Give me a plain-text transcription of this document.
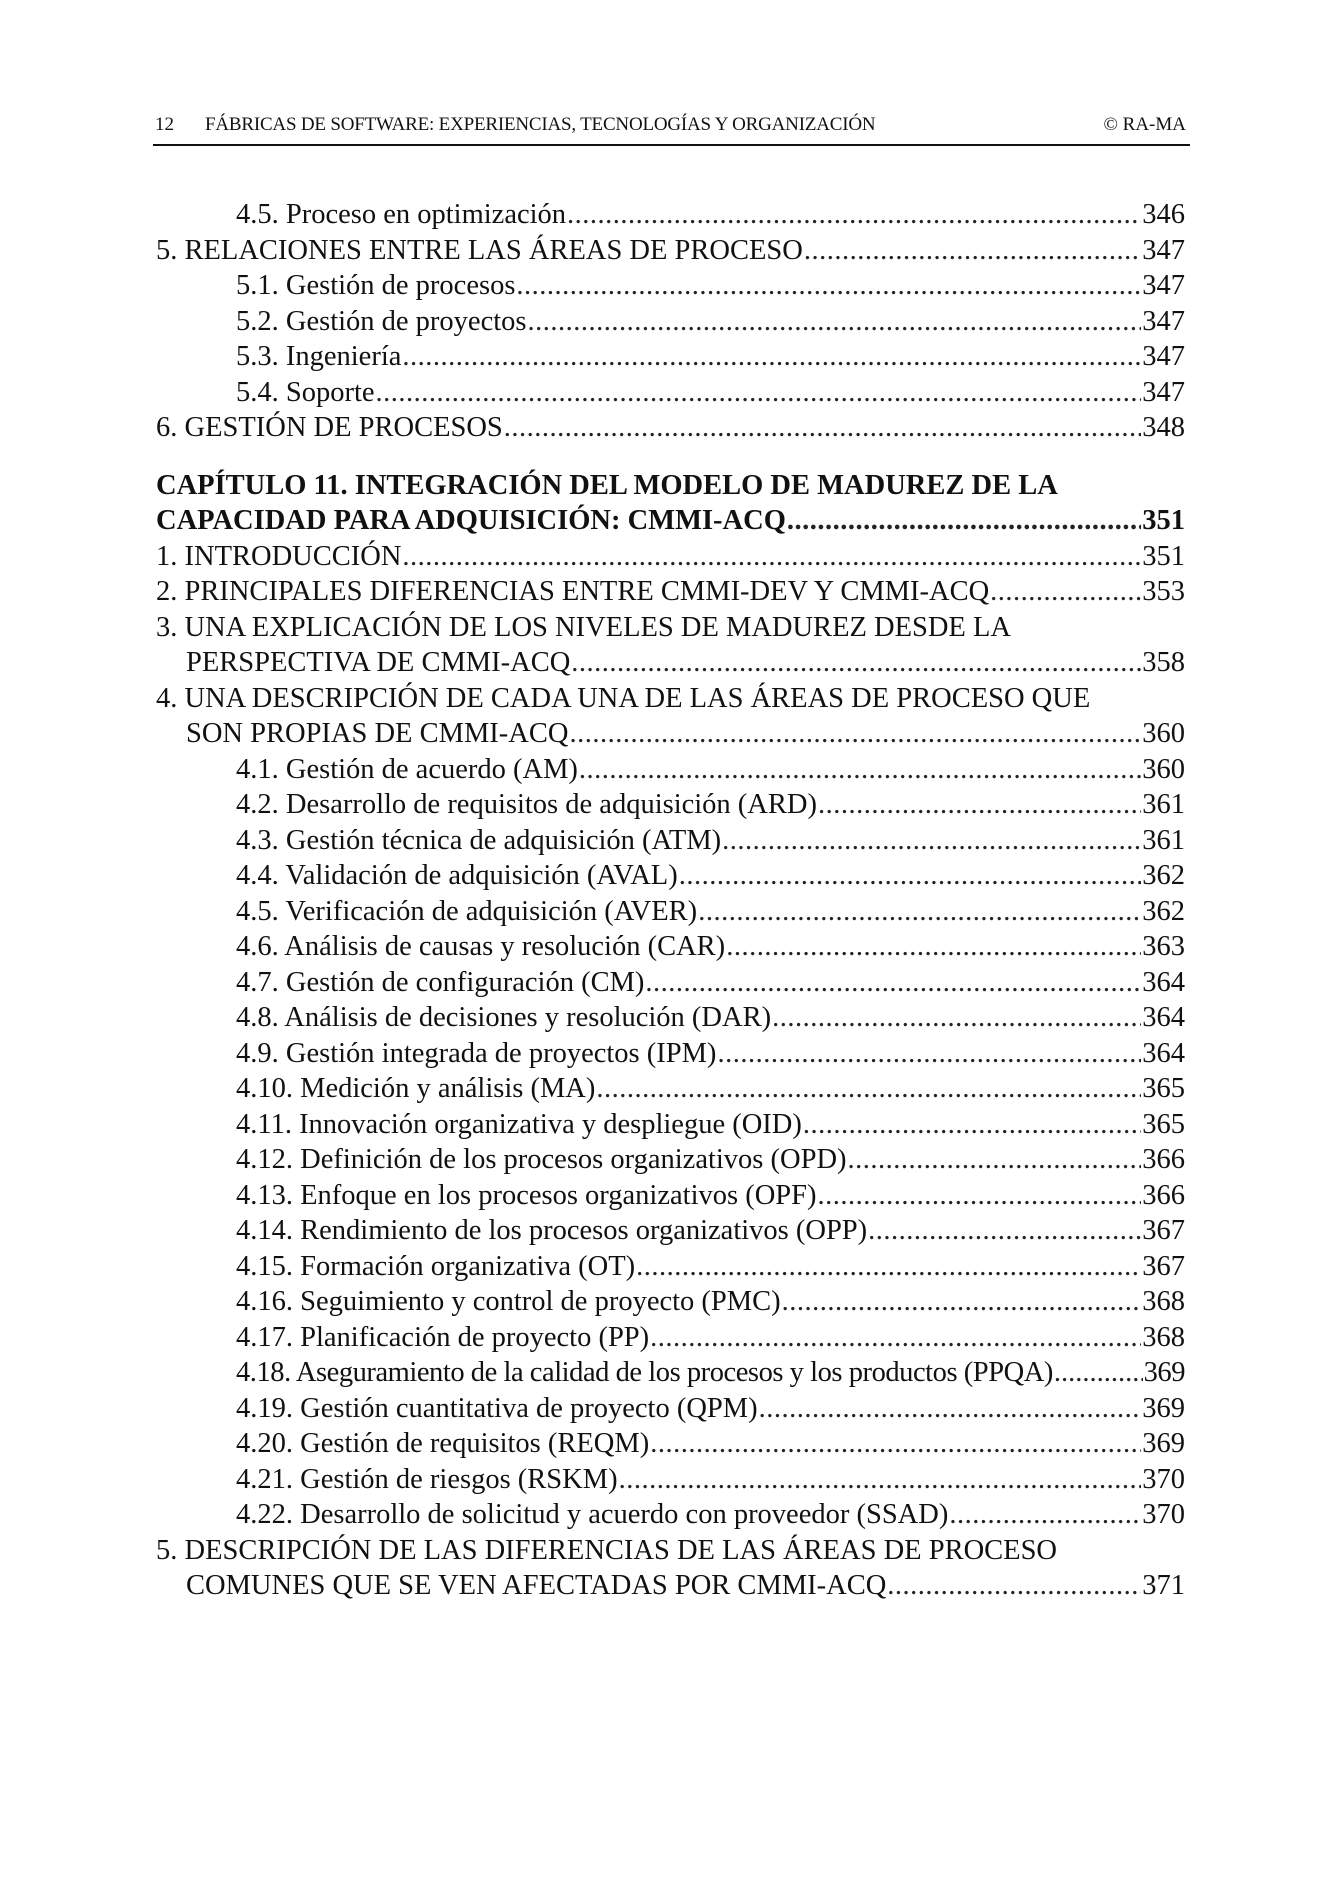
12 FÁBRICAS DE SOFTWARE: EXPERIENCIAS, TECNOLOGÍAS Y ORGANIZACIÓN	© RA-MA
4.5. Proceso en optimización .....	346
5. RELACIONES ENTRE LAS ÁREAS DE PROCESO .....	347
5.1. Gestión de procesos .....	347
5.2. Gestión de proyectos .....	347
5.3. Ingeniería .....	347
5.4. Soporte .....	347
6. GESTIÓN DE PROCESOS .....	348
CAPÍTULO 11. INTEGRACIÓN DEL MODELO DE MADUREZ DE LA
CAPACIDAD PARA ADQUISICIÓN: CMMI-ACQ .....	351
1. INTRODUCCIÓN .....	351
2. PRINCIPALES DIFERENCIAS ENTRE CMMI-DEV Y CMMI-ACQ .....	353
3. UNA EXPLICACIÓN DE LOS NIVELES DE MADUREZ DESDE LA
PERSPECTIVA DE CMMI-ACQ .....	358
4. UNA DESCRIPCIÓN DE CADA UNA DE LAS ÁREAS DE PROCESO QUE
SON PROPIAS DE CMMI-ACQ .....	360
4.1. Gestión de acuerdo (AM) .....	360
4.2. Desarrollo de requisitos de adquisición (ARD) .....	361
4.3. Gestión técnica de adquisición (ATM) .....	361
4.4. Validación de adquisición (AVAL) .....	362
4.5. Verificación de adquisición (AVER) .....	362
4.6. Análisis de causas y resolución (CAR) .....	363
4.7. Gestión de configuración (CM) .....	364
4.8. Análisis de decisiones y resolución (DAR) .....	364
4.9. Gestión integrada de proyectos (IPM) .....	364
4.10. Medición y análisis (MA) .....	365
4.11. Innovación organizativa y despliegue (OID) .....	365
4.12. Definición de los procesos organizativos (OPD) .....	366
4.13. Enfoque en los procesos organizativos (OPF) .....	366
4.14. Rendimiento de los procesos organizativos (OPP) .....	367
4.15. Formación organizativa (OT) .....	367
4.16. Seguimiento y control de proyecto (PMC) .....	368
4.17. Planificación de proyecto (PP) .....	368
4.18. Aseguramiento de la calidad de los procesos y los productos (PPQA) .....	369
4.19. Gestión cuantitativa de proyecto (QPM) .....	369
4.20. Gestión de requisitos (REQM) .....	369
4.21. Gestión de riesgos (RSKM) .....	370
4.22. Desarrollo de solicitud y acuerdo con proveedor (SSAD) .....	370
5. DESCRIPCIÓN DE LAS DIFERENCIAS DE LAS ÁREAS DE PROCESO
COMUNES QUE SE VEN AFECTADAS POR CMMI-ACQ .....	371
